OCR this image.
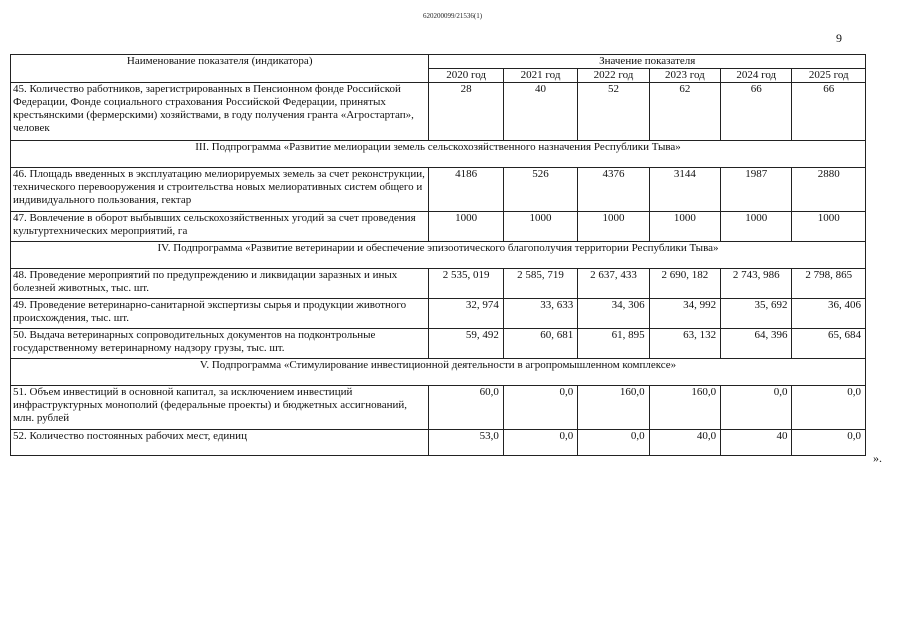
620200099/21536(1)
9
Наименование показателя (индикатора)	Значение показателя					
	2020 год	2021 год	2022 год	2023 год	2024 год	2025 год
45. Количество работников, зарегистрированных в Пенсионном фонде Российской Федерации, Фонде социального страхования Российской Федерации, принятых крестьянскими (фермерскими) хозяйствами, в году получения гранта «Агростартап», человек	28	40	52	62	66	66
III. Подпрограмма «Развитие мелиорации земель сельскохозяйственного назначения Республики Тыва»						
46. Площадь введенных в эксплуатацию мелиорируемых земель за счет реконструкции, технического перевооружения и строительства новых мелиоративных систем общего и индивидуального пользования, гектар	4186	526	4376	3144	1987	2880
47. Вовлечение в оборот выбывших сельскохозяйственных угодий за счет проведения культуртехнических мероприятий, га	1000	1000	1000	1000	1000	1000
IV. Подпрограмма «Развитие ветеринарии и обеспечение эпизоотического благополучия территории Республики Тыва»						
48. Проведение мероприятий по предупреждению и ликвидации заразных и иных болезней животных, тыс. шт.	2 535, 019	2 585, 719	2 637, 433	2 690, 182	2 743, 986	2 798, 865
49. Проведение ветеринарно-санитарной экспертизы сырья и продукции животного происхождения, тыс. шт.	32, 974	33, 633	34, 306	34, 992	35, 692	36, 406
50. Выдача ветеринарных сопроводительных документов на подконтрольные государственному ветеринарному надзору грузы, тыс. шт.	59, 492	60, 681	61, 895	63, 132	64, 396	65, 684
V. Подпрограмма «Стимулирование инвестиционной деятельности в агропромышленном комплексе»						
51. Объем инвестиций в основной капитал, за исключением инвестиций инфраструктурных монополий (федеральные проекты) и бюджетных ассигнований, млн. рублей	60,0	0,0	160,0	160,0	0,0	0,0
52. Количество постоянных рабочих мест, единиц	53,0	0,0	0,0	40,0	40	0,0
».
